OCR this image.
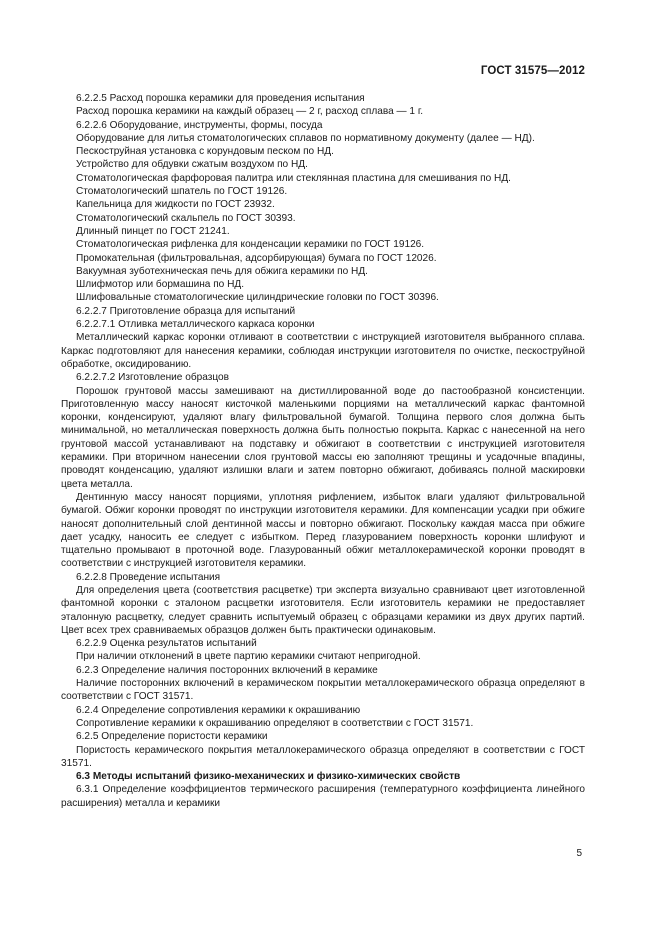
ГОСТ 31575—2012

6.2.2.5 Расход порошка керамики для проведения испытания

Расход порошка керамики на каждый образец — 2 г, расход сплава — 1 г.

6.2.2.6 Оборудование, инструменты, формы, посуда

Оборудование для литья стоматологических сплавов по нормативному документу (далее — НД).

Пескоструйная установка с корундовым песком по НД.

Устройство для обдувки сжатым воздухом по НД.

Стоматологическая фарфоровая палитра или стеклянная пластина для смешивания по НД.

Стоматологический шпатель по ГОСТ 19126.

Капельница для жидкости по ГОСТ 23932.

Стоматологический скальпель по ГОСТ 30393.

Длинный пинцет по ГОСТ 21241.

Стоматологическая рифленка для конденсации керамики по ГОСТ 19126.

Промокательная (фильтровальная, адсорбирующая) бумага по ГОСТ 12026.

Вакуумная зуботехническая печь для обжига керамики по НД.

Шлифмотор или бормашина по НД.

Шлифовальные стоматологические цилиндрические головки по ГОСТ 30396.

6.2.2.7 Приготовление образца для испытаний

6.2.2.7.1 Отливка металлического каркаса коронки

Металлический каркас коронки отливают в соответствии с инструкцией изготовителя выбранного сплава. Каркас подготовляют для нанесения керамики, соблюдая инструкции изготовителя по очистке, пескоструйной обработке, оксидированию.

6.2.2.7.2 Изготовление образцов

Порошок грунтовой массы замешивают на дистиллированной воде до пастообразной консистенции. Приготовленную массу наносят кисточкой маленькими порциями на металлический каркас фантомной коронки, конденсируют, удаляют влагу фильтровальной бумагой. Толщина первого слоя должна быть минимальной, но металлическая поверхность должна быть полностью покрыта. Каркас с нанесенной на него грунтовой массой устанавливают на подставку и обжигают в соответствии с инструкцией изготовителя керамики. При вторичном нанесении слоя грунтовой массы ею заполняют трещины и усадочные впадины, проводят конденсацию, удаляют излишки влаги и затем повторно обжигают, добиваясь полной маскировки цвета металла.

Дентинную массу наносят порциями, уплотняя рифлением, избыток влаги удаляют фильтровальной бумагой. Обжиг коронки проводят по инструкции изготовителя керамики. Для компенсации усадки при обжиге наносят дополнительный слой дентинной массы и повторно обжигают. Поскольку каждая масса при обжиге дает усадку, наносить ее следует с избытком. Перед глазурованием поверхность коронки шлифуют и тщательно промывают в проточной воде. Глазурованный обжиг металлокерамической коронки проводят в соответствии с инструкцией изготовителя керамики.

6.2.2.8 Проведение испытания

Для определения цвета (соответствия расцветке) три эксперта визуально сравнивают цвет изготовленной фантомной коронки с эталоном расцветки изготовителя. Если изготовитель керамики не предоставляет эталонную расцветку, следует сравнить испытуемый образец с образцами керамики из двух других партий. Цвет всех трех сравниваемых образцов должен быть практически одинаковым.

6.2.2.9 Оценка результатов испытаний

При наличии отклонений в цвете партию керамики считают непригодной.

6.2.3 Определение наличия посторонних включений в керамике

Наличие посторонних включений в керамическом покрытии металлокерамического образца определяют в соответствии с ГОСТ 31571.

6.2.4 Определение сопротивления керамики к окрашиванию

Сопротивление керамики к окрашиванию определяют в соответствии с ГОСТ 31571.

6.2.5 Определение пористости керамики

Пористость керамического покрытия металлокерамического образца определяют в соответствии с ГОСТ 31571.

6.3 Методы испытаний физико-механических и физико-химических свойств

6.3.1 Определение коэффициентов термического расширения (температурного коэффициента линейного расширения) металла и керамики

5
